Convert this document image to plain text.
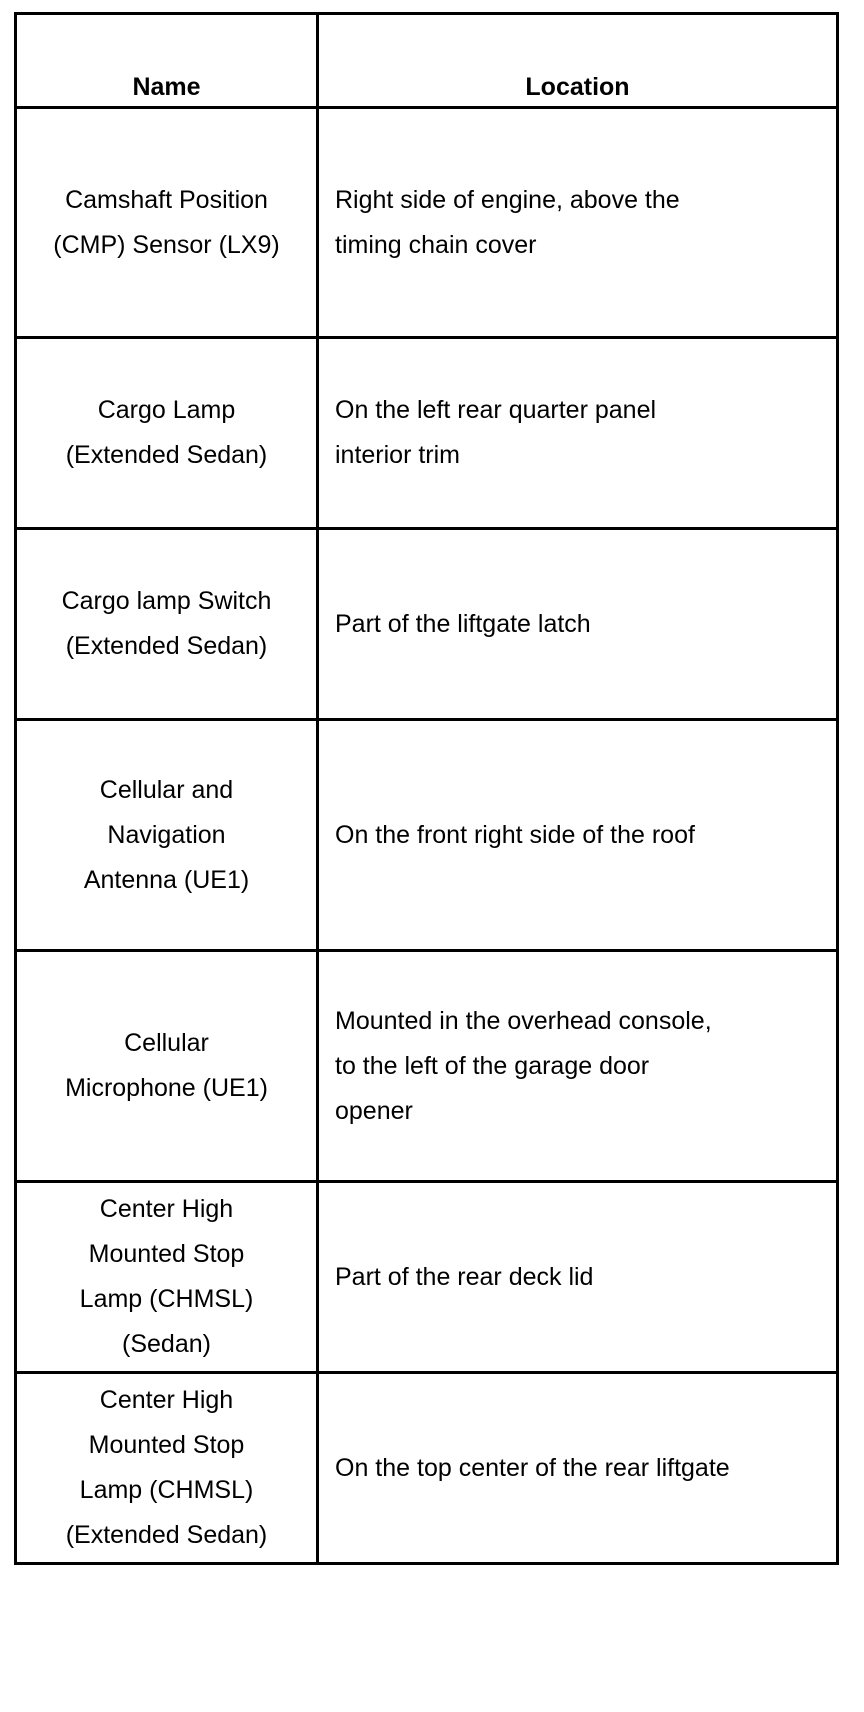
Name	Location

Camshaft Position
(CMP) Sensor (LX9)	Right side of engine, above the
timing chain cover

Cargo Lamp
(Extended Sedan)	On the left rear quarter panel
interior trim

Cargo lamp Switch
(Extended Sedan)	Part of the liftgate latch

Cellular and
Navigation
Antenna (UE1)	On the front right side of the roof

Cellular
Microphone (UE1)	Mounted in the overhead console,
to the left of the garage door
opener

Center High
Mounted Stop
Lamp (CHMSL)
(Sedan)	Part of the rear deck lid

Center High
Mounted Stop
Lamp (CHMSL)
(Extended Sedan)	On the top center of the rear liftgate
